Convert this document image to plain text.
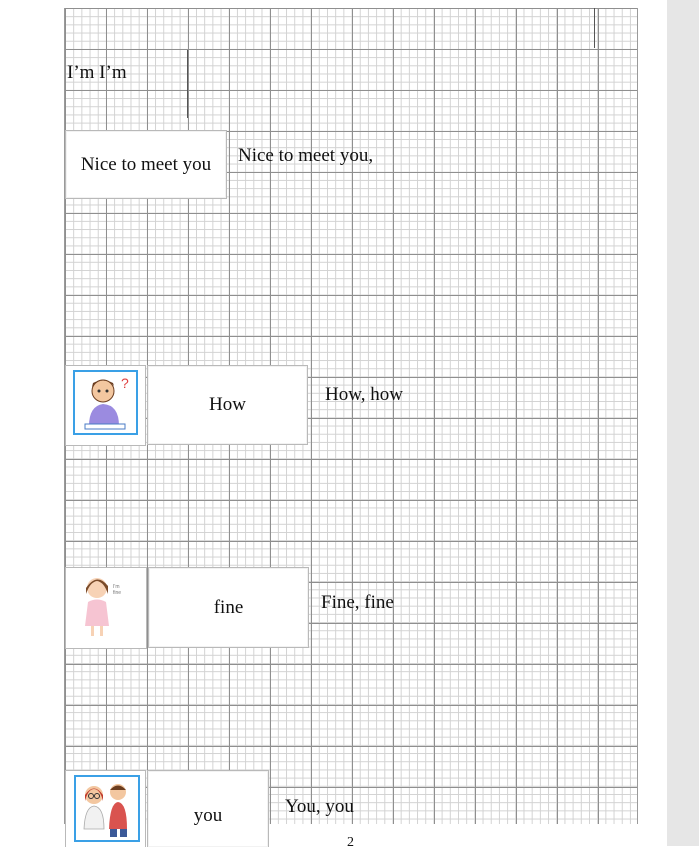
I’m I’m
Nice to meet you Nice to meet you,
?
How	How, how
I'm fine
fine	Fine, fine
you	You, you
2
